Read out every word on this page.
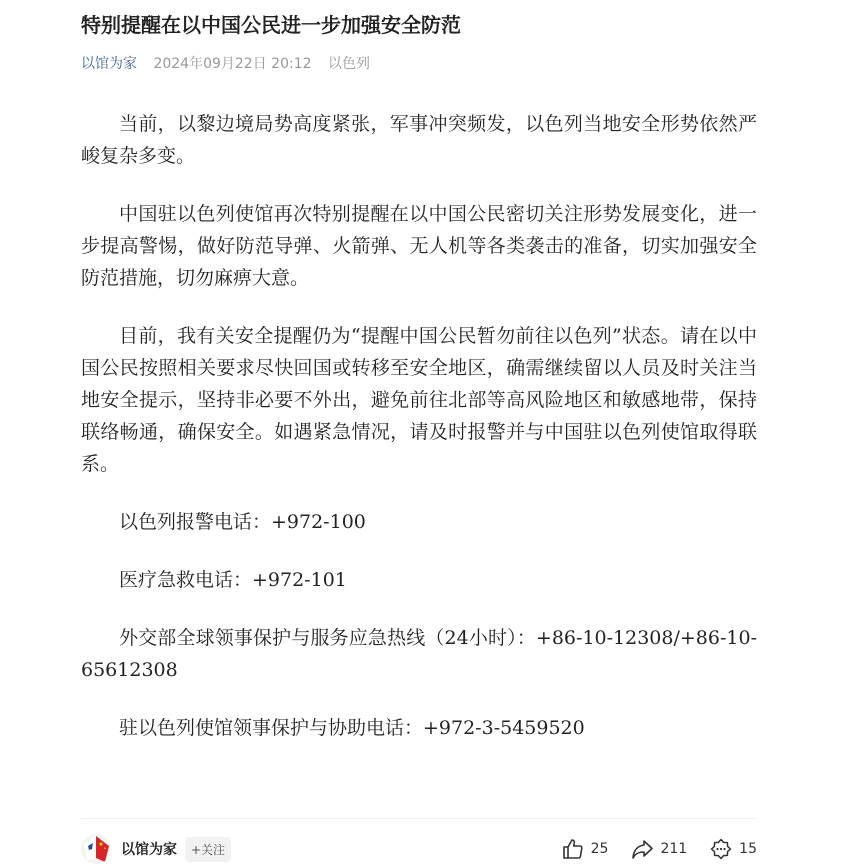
特别提醒在以中国公民进一步加强安全防范
以馆为家 2024年09月22日 20:12 以色列

当前，以黎边境局势高度紧张，军事冲突频发，以色列当地安全形势依然严峻复杂多变。

中国驻以色列使馆再次特别提醒在以中国公民密切关注形势发展变化，进一步提高警惕，做好防范导弹、火箭弹、无人机等各类袭击的准备，切实加强安全防范措施，切勿麻痹大意。

目前，我有关安全提醒仍为“提醒中国公民暂勿前往以色列”状态。请在以中国公民按照相关要求尽快回国或转移至安全地区，确需继续留以人员及时关注当地安全提示，坚持非必要不外出，避免前往北部等高风险地区和敏感地带，保持联络畅通，确保安全。如遇紧急情况，请及时报警并与中国驻以色列使馆取得联系。

以色列报警电话：+972-100

医疗急救电话：+972-101

外交部全球领事保护与服务应急热线（24小时）：+86-10-12308/+86-10-65612308

驻以色列使馆领事保护与协助电话：+972-3-5459520

以馆为家	+关注	25	211	15
